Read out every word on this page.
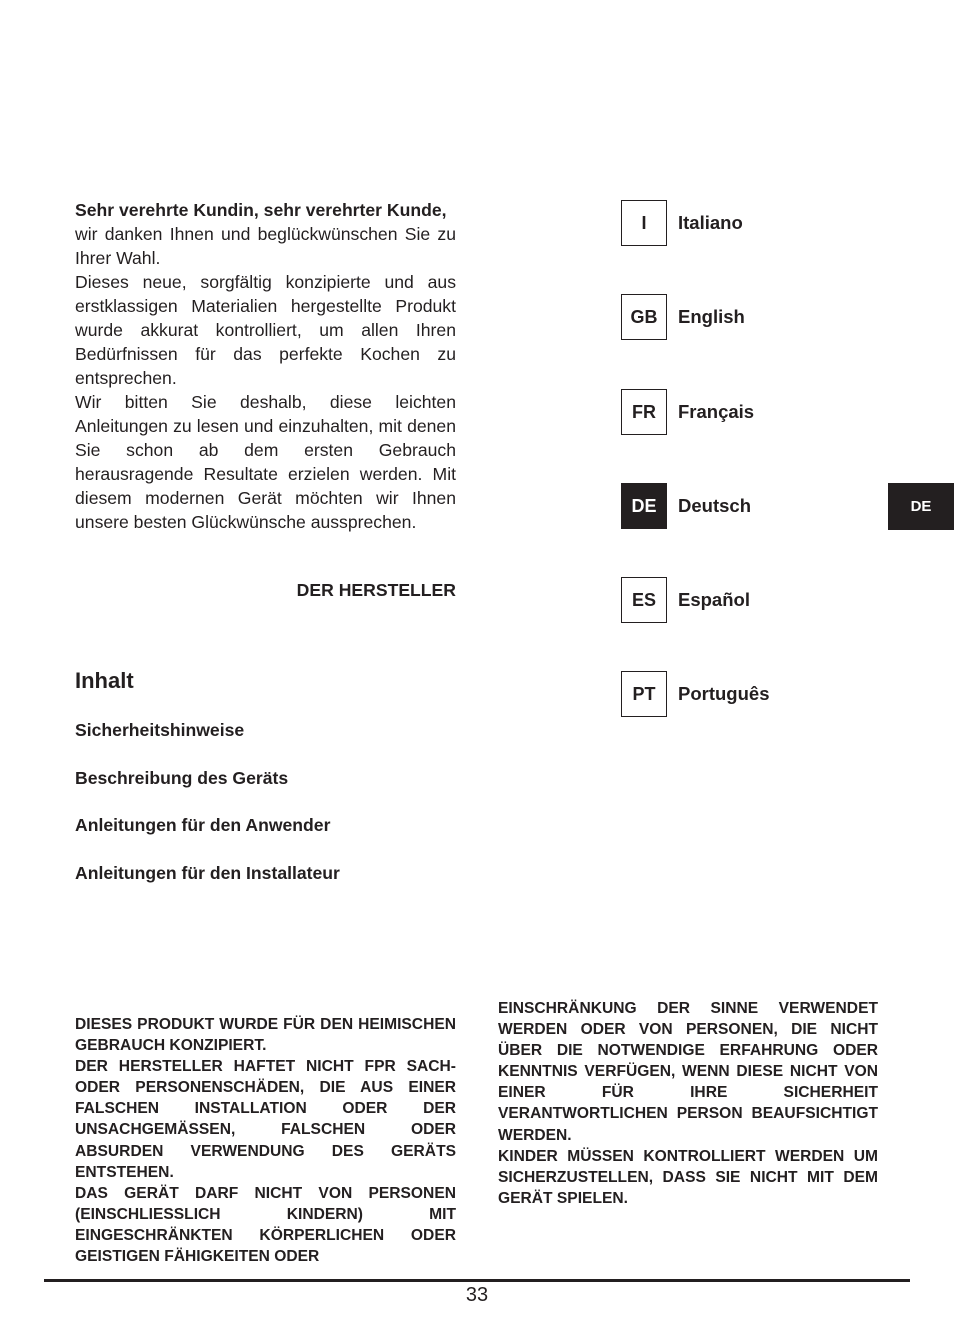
Sehr verehrte Kundin, sehr verehrter Kunde,

wir danken Ihnen und beglückwünschen Sie zu Ihrer Wahl.

Dieses neue, sorgfältig konzipierte und aus erstklassigen Materialien hergestellte Produkt wurde akkurat kontrolliert, um allen Ihren Bedürfnissen für das perfekte Kochen zu entsprechen.

Wir bitten Sie deshalb, diese leichten Anleitungen zu lesen und einzuhalten, mit denen Sie schon ab dem ersten Gebrauch herausragende Resultate erzielen werden. Mit diesem modernen Gerät möchten wir Ihnen unsere besten Glückwünsche aussprechen.

DER HERSTELLER
Inhalt
Sicherheitshinweise
Beschreibung des Geräts
Anleitungen für den Anwender
Anleitungen für den Installateur
I	Italiano
GB	English
FR	Français
DE	Deutsch
ES	Español
PT	Português
DE

DIESES PRODUKT WURDE FÜR DEN HEIMISCHEN GEBRAUCH KONZIPIERT.

DER HERSTELLER HAFTET NICHT FPR SACH- ODER PERSONENSCHÄDEN, DIE AUS EINER FALSCHEN INSTALLATION ODER DER UNSACHGEMÄSSEN, FALSCHEN ODER ABSURDEN VERWENDUNG DES GERÄTS ENTSTEHEN.

DAS GERÄT DARF NICHT VON PERSONEN (EINSCHLIESSLICH KINDERN) MIT EINGESCHRÄNKTEN KÖRPERLICHEN ODER GEISTIGEN FÄHIGKEITEN ODER

EINSCHRÄNKUNG DER SINNE VERWENDET WERDEN ODER VON PERSONEN, DIE NICHT ÜBER DIE NOTWENDIGE ERFAHRUNG ODER KENNTNIS VERFÜGEN, WENN DIESE NICHT VON EINER FÜR IHRE SICHERHEIT VERANTWORTLICHEN PERSON BEAUFSICHTIGT WERDEN.

KINDER MÜSSEN KONTROLLIERT WERDEN UM SICHERZUSTELLEN, DASS SIE NICHT MIT DEM GERÄT SPIELEN.

33
